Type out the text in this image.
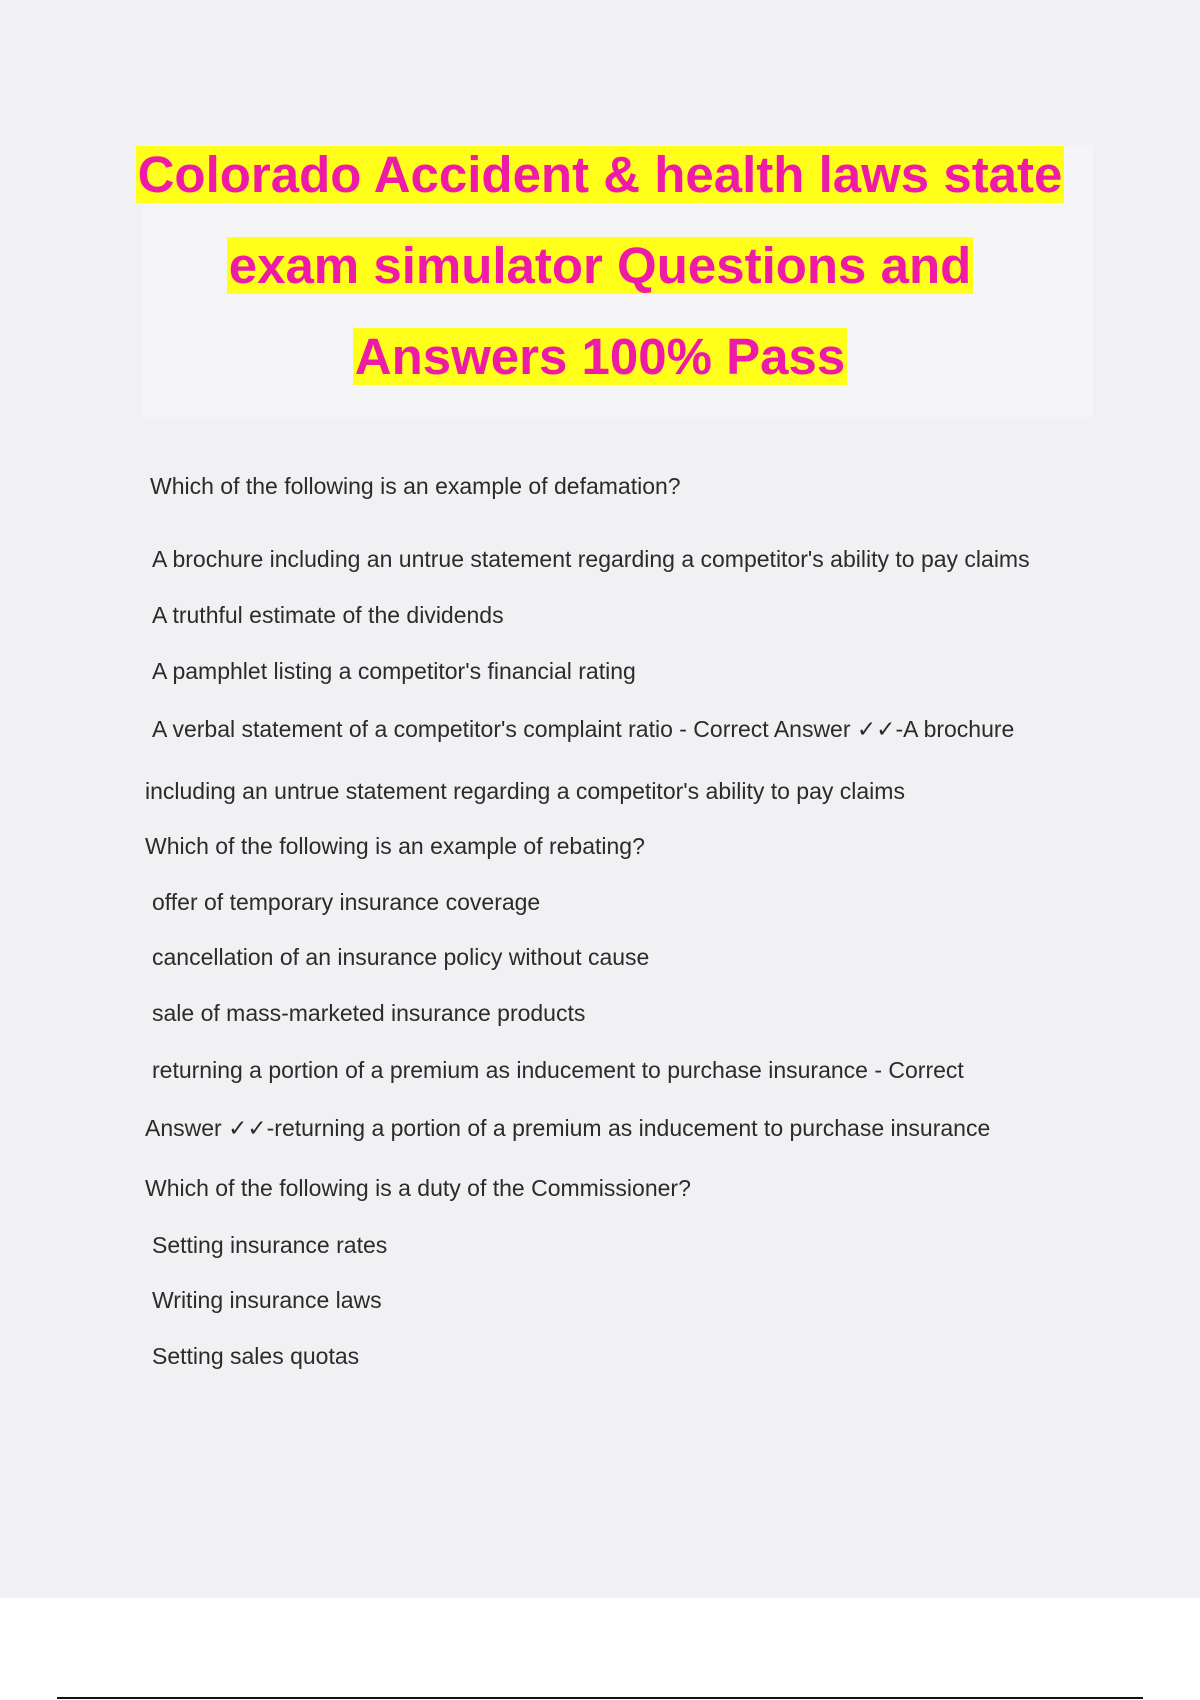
Colorado Accident & health laws state
exam simulator Questions and
Answers 100% Pass
Which of the following is an example of defamation?
A brochure including an untrue statement regarding a competitor's ability to pay claims
A truthful estimate of the dividends
A pamphlet listing a competitor's financial rating
A verbal statement of a competitor's complaint ratio - Correct Answer ✓✓-A brochure
including an untrue statement regarding a competitor's ability to pay claims
Which of the following is an example of rebating?
offer of temporary insurance coverage
cancellation of an insurance policy without cause
sale of mass-marketed insurance products
returning a portion of a premium as inducement to purchase insurance - Correct
Answer ✓✓-returning a portion of a premium as inducement to purchase insurance
Which of the following is a duty of the Commissioner?
Setting insurance rates
Writing insurance laws
Setting sales quotas
